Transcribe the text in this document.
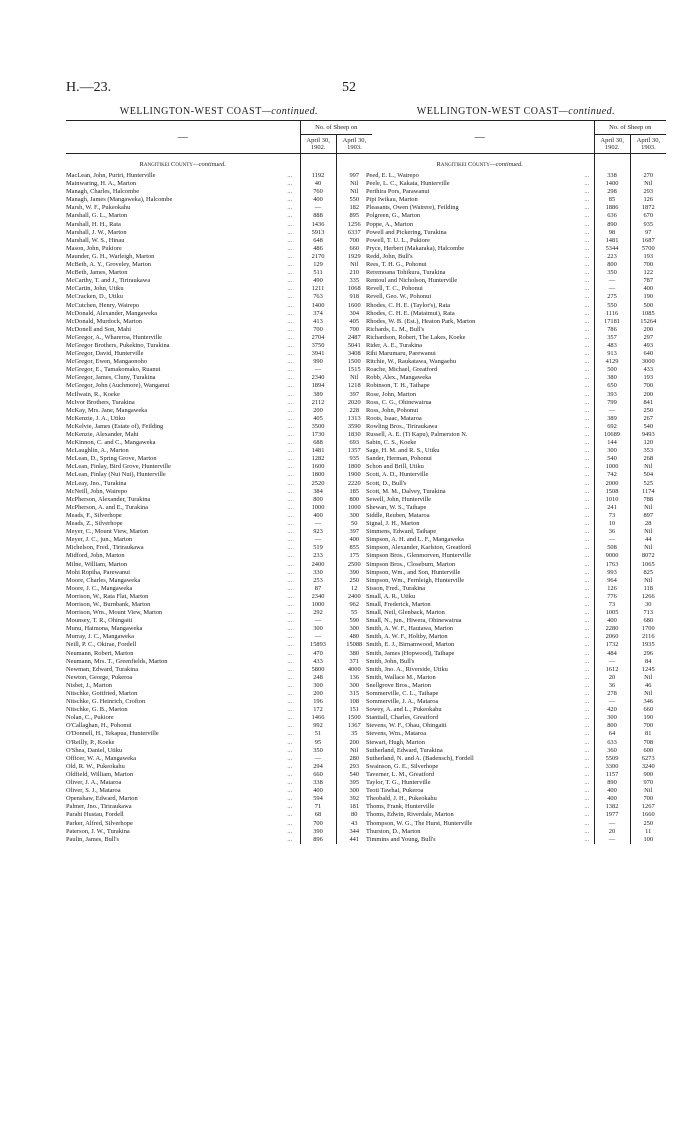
H.—23.	52
WELLINGTON-WEST COAST—continued.
—		No. of Sheep on
April 30, 1902.
April 30, 1903.	

Rangitikei County—continued.			
MacLean, John, Puriri, Hunterville	...	1192	997
Mainwaring, H. A., Marton	...	40	Nil
Managh, Charles, Halcombe	...	760	Nil
Managh, James (Mangaweka), Halcombe	...	400	550
Marsh, W. F., Pukeokahu	...	—	182
Marshall, G. L., Marton	...	888	895
Marshall, H. H., Rata	...	1436	1256
Marshall, J. W., Marton	...	5913	6337
Marshall, W. S., Hinau	...	648	700
Mason, John, Pukiore	...	486	660
Maunder, G. H., Warleigh, Marton	...	2170	1929
McBeth, A. Y., Groveley, Marton	...	129	Nil
McBeth, James, Marton	...	511	210
McCarthy, T. and J., Tiriraukawa	...	490	335
McCartin, John, Utiku	...	1211	1068
McCracken, D., Utiku	...	763	918
McCutchen, Henry, Wairepo	...	1400	1600
McDonald, Alexander, Mangaweka	...	374	304
McDonald, Murdock, Marton	...	413	405
McDonell and Son, Mahi	...	700	700
McGregor, A., Whareroa, Hunterville	...	2704	2487
McGregor Brothers, Pukekino, Turakina	...	3750	5041
McGregor, David, Hunterville	...	3941	3408
McGregor, Ewen, Mangaonoho	...	990	1500
McGregor, E., Tamakomako, Ruanui	...	—	1515
McGregor, James, Cluny, Turakina	...	2340	Nil
McGregor, John (Auchmore), Wanganui	...	1894	1218
McIlwain, R., Koeke	...	389	397
McIvor Brothers, Turakina	...	2112	2020
McKay, Mrs. Jane, Mangaweka	...	200	228
McKenzie, J. A., Utiku	...	405	1313
McKelvie, James (Estate of), Feilding	...	3500	3590
McKenzie, Alexander, Mahi	...	1730	1830
McKinnon, C. and C., Mangaweka	...	688	693
McLaughlin, A., Marton	...	1481	1357
McLean, D., Spring Grove, Marton	...	1282	935
McLean, Finlay, Bird Grove, Hunterville	...	1600	1800
McLean, Finlay (Nui Nui), Hunterville	...	1800	1900
McLeay, Jno., Turakina	...	2520	2220
McNeill, John, Wairepo	...	384	185
McPherson, Alexander, Turakina	...	800	800
McPherson, A. and E., Turakina	...	1000	1000
Meads, F., Silverhope	...	400	300
Meads, Z., Silverhope	...	—	50
Meyer, C., Mount View, Marton	...	923	397
Meyer, J. C., jun., Marton	...	—	400
Michelson, Fred., Tiriraukawa	...	519	855
Midford, John, Marton	...	233	175
Milne, William, Marton	...	2400	2500
Mohi Ropiha, Parewanui	...	330	390
Moore, Charles, Mangaweka	...	253	250
Moore, J. C., Mangaweka	...	87	12
Morrison, W., Rata Flat, Marton	...	2340	2400
Morrison, W., Burnbank, Marton	...	1000	962
Morrison, Wm., Mount View, Marton	...	292	55
Mounsey, T. R., Ohingaiti	...	—	590
Munu, Haimona, Mangaweka	...	300	300
Murray, J. C., Mangaweka	...	—	480
Neill, P. C., Okirae, Fordell	...	15893	15088
Neumann, Robert, Marton	...	470	380
Neumann, Mrs. T., Greenfields, Marton	...	433	371
Newman, Edward, Turakina	...	5800	4000
Newton, George, Pukeroa	...	248	136
Nisbet, J., Marton	...	300	300
Nitschke, Gottfried, Marton	...	200	315
Nitschke, G. Heinrich, Crofton	...	196	108
Nitschke, G. B., Marton	...	172	151
Nolan, C., Pukiore	...	1466	1500
O'Callaghan, H., Pohonui	...	992	1367
O'Donnell, H., Tekapua, Hunterville	...	51	35
O'Reilly, P., Koeke	...	95	200
O'Shea, Daniel, Utiku	...	350	Nil
Officer, W. A., Mangaweka	...	—	280
Old, R. W., Pukeokahu	...	294	293
Oldfield, William, Marton	...	660	540
Oliver, J. A., Mataroa	...	338	395
Oliver, S. J., Mataroa	...	400	300
Openshaw, Edward, Marton	...	594	392
Palmer, Jno., Tiriraukawa	...	71	181
Parahi Hustau, Fordell	...	68	80
Parker, Alfred, Silverhope	...	700	43
Paterson, J. W., Turakina	...	390	344
Paulin, James, Bull's	...	896	441
WELLINGTON-WEST COAST—continued.
—		No. of Sheep on
April 30, 1902.
April 30, 1903.	

Rangitikei County—continued.			
Peed, E. L., Wairepo	...	338	270
Peele, L. C., Kakata, Hunterville	...	1400	Nil
Perihira Pors, Parawanui	...	298	293
Pipi Iwikau, Marton	...	85	126
Pleasants, Owen (Wairere), Feilding	...	1886	1872
Polgreen, G., Marton	...	636	670
Poppe, A., Marton	...	890	935
Powell and Pickering, Turakina	...	98	97
Powell, T. U. L., Pukiore	...	1481	1687
Pryce, Herbert (Makaraka), Halcombe	...	5344	5700
Redd, John, Bull's	...	223	193
Rees, T. H. G., Pohonui	...	800	700
Reremoana Tohikura, Turakina	...	350	122
Rentoul and Nicholson, Hunterville	...	—	787
Revell, T. C., Pohonui	...	—	400
Revell, Geo. W., Pohonui	...	275	190
Rhodes, C. H. E. (Taylor's), Rata	...	550	500
Rhodes, C. H. E. (Mataimui), Rata	...	1116	1085
Rhodes, W. B. (Est.), Heaton Park, Marton	...	17181	15264
Richards, L. M., Bull's	...	786	200
Richardson, Robert, The Lakes, Koeke	...	357	297
Rider, A. E., Turakina	...	483	493
Rihi Marumaru, Parewanui	...	913	640
Ritchie, W., Raukatawa, Wangaehu	...	4129	3000
Roache, Michael, Greatford	...	500	433
Robb, Alex., Mangaweka	...	380	193
Robinson, T. H., Taihape	...	650	700
Rose, John, Marton	...	393	200
Ross, C. G., Ohinewairua	...	799	841
Ross, John, Pohonui	...	—	250
Roots, Isaac, Mataroa	...	389	267
Rowling Bros., Tiriraukawa	...	692	540
Russell, A. E. (Ti Kapu), Palmerston N.	...	10689	9493
Sabin, C. S., Koeke	...	144	120
Sage, H. M. and R. S., Utiku	...	300	353
Sander, Herman, Pohonui	...	540	268
Schon and Brill, Utiku	...	1000	Nil
Scott, A. D., Hunterville	...	742	504
Scott, D., Bull's	...	2000	525
Scott, M. M., Dalvey, Turakina	...	1508	1174
Sewell, John, Hunterville	...	1010	788
Shewan, W. S., Taihape	...	241	Nil
Siddle, Reuben, Mataroa	...	73	897
Signal, J. H., Marton	...	10	28
Simmens, Edward, Taihape	...	36	Nil
Simpson, A. H. and L. F., Mangaweka	...	—	44
Simpson, Alexander, Karlston, Greatford	...	508	Nil
Simpson Bros., Glenmorven, Hunterville	...	9000	8072
Simpson Bros., Closeburn, Marton	...	1763	1065
Simpson, Wm., and Son, Hunterville	...	993	825
Simpson, Wm., Fernleigh, Hunterville	...	964	Nil
Sisson, Fred., Turakina	...	126	118
Small, A. R., Utiku	...	776	1266
Small, Frederick, Marton	...	73	30
Small, Neil, Glenback, Marton	...	1005	713
Small, N., jun., Hiwera, Ohinewairua	...	400	680
Smith, A. W. F., Hautawa, Marton	...	2280	1700
Smith, A. W. F., Holtby, Marton	...	2060	2116
Smith, E. J., Birnamwood, Marton	...	1732	1935
Smith, James (Hopwood), Taihape	...	484	296
Smith, John, Bull's	...	—	84
Smith, Jno. A., Riverside, Utiku	...	1612	1245
Smith, Wallace M., Marton	...	20	Nil
Snellgrove Bros., Marton	...	36	46
Sommerville, C. L., Taihape	...	278	Nil
Sommerville, J. A., Mataroa	...	—	346
Sowey, A. and L., Pukeokahu	...	420	660
Stantiall, Charles, Greatford	...	300	190
Stevens, W. F., Ohau, Ohingaiti	...	800	700
Stevens, Wm., Mataroa	...	64	81
Stewart, Hugh, Marton	...	633	708
Sutherland, Edward, Turakina	...	360	600
Sutherland, N. and A. (Badensch), Fordell	...	5509	6273
Swainson, G. E., Silverhope	...	3300	3240
Taverner, L. M., Greatford	...	1157	900
Taylor, T. G., Hunterville	...	890	970
Teoti Tawhai, Pukeroa	...	400	Nil
Theobald, J. H., Pukeokahu	...	400	700
Thoms, Frank, Hunterville	...	1382	1267
Thoms, Edwin, Riverdale, Marton	...	1977	1660
Thompson, W. G., The Hurst, Hunterville	...	—	250
Thurston, D., Marton	...	20	11
Timmins and Young, Bull's	...	—	100
